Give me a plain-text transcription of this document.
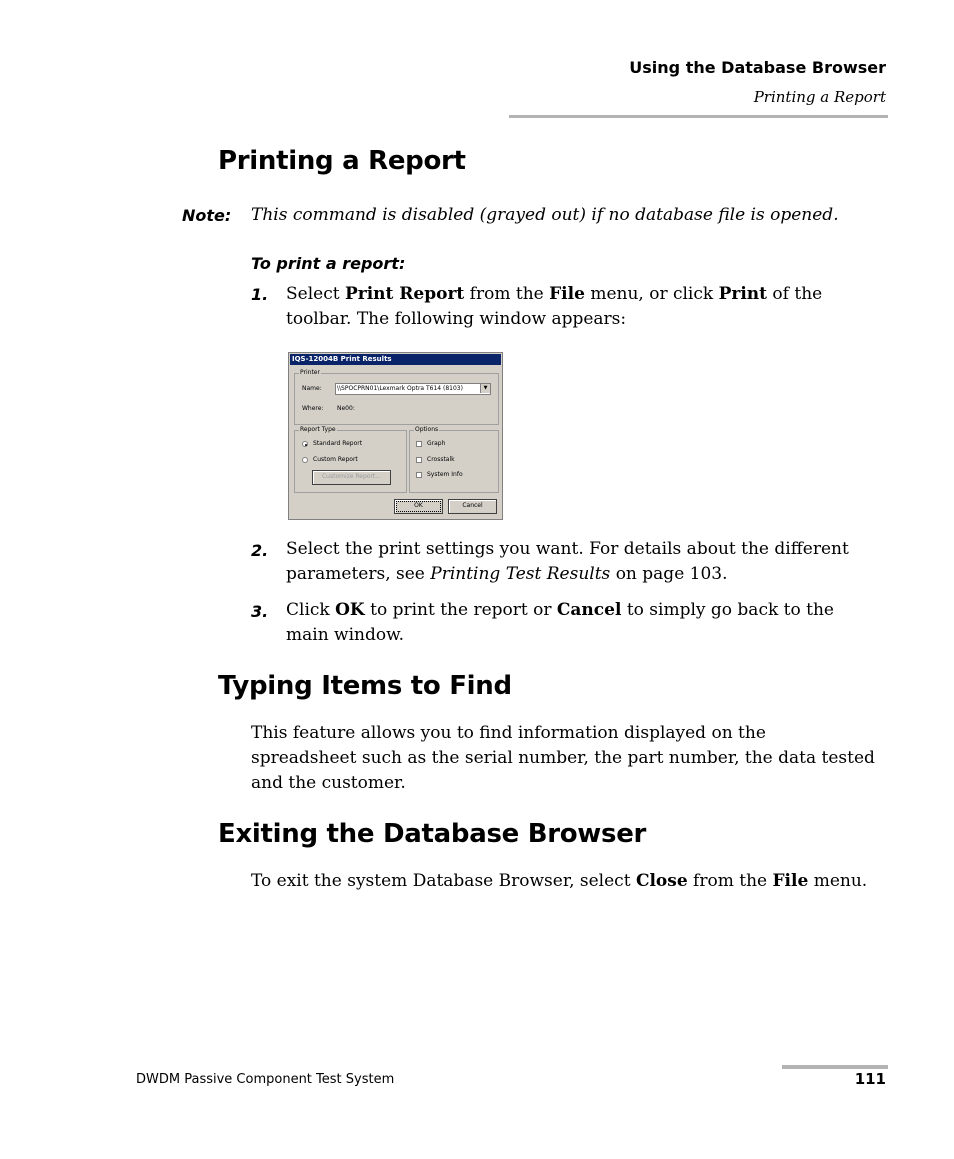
Using the Database Browser
Printing a Report
Printing a Report
Note: This command is disabled (grayed out) if no database file is opened.
To print a report:
1. Select Print Report from the File menu, or click Print of the toolbar. The following window appears:
IQS-12004B Print Results
Printer
Name:	\\SPOCPRN01\Lexmark Optra T614 (8103)	▼
Where: Ne00:
Report Type
Standard Report
Custom Report
Customize Report...
Options
Graph
Crosstalk
System Info
OK	Cancel
2. Select the print settings you want. For details about the different parameters, see Printing Test Results on page 103.
3. Click OK to print the report or Cancel to simply go back to the main window.
Typing Items to Find
This feature allows you to find information displayed on the spreadsheet such as the serial number, the part number, the data tested and the customer.
Exiting the Database Browser
To exit the system Database Browser, select Close from the File menu.
DWDM Passive Component Test System	111
